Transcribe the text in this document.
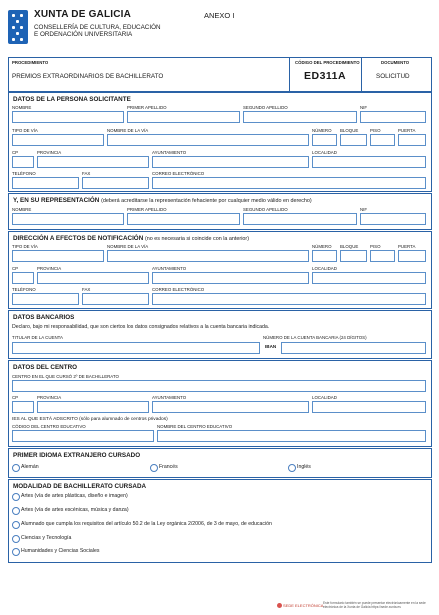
XUNTA DE GALICIA
CONSELLERÍA DE CULTURA, EDUCACIÓN
E ORDENACIÓN UNIVERSITARIA
ANEXO I
PROCEDIMIENTO
PREMIOS EXTRAORDINARIOS DE BACHILLERATO
CÓDIGO DEL PROCEDIMIENTO
ED311A
DOCUMENTO
SOLICITUD
DATOS DE LA PERSONA SOLICITANTE
NOMBRE	PRIMER APELLIDO	SEGUNDO APELLIDO	NIF
TIPO DE VÍA	NOMBRE DE LA VÍA	NÚMERO BLOQUE	PISO	PUERTA
CP	PROVINCIA	AYUNTAMIENTO	LOCALIDAD
TELÉFONO	FAX	CORREO ELECTRÓNICO
Y, EN SU REPRESENTACIÓN (deberá acreditarse la representación fehaciente por cualquier medio válido en derecho)
NOMBRE	PRIMER APELLIDO	SEGUNDO APELLIDO	NIF
DIRECCIÓN A EFECTOS DE NOTIFICACIÓN (no es necesaria si coincide con la anterior)
TIPO DE VÍA	NOMBRE DE LA VÍA	NÚMERO BLOQUE	PISO	PUERTA
CP	PROVINCIA	AYUNTAMIENTO	LOCALIDAD
TELÉFONO	FAX	CORREO ELECTRÓNICO
DATOS BANCARIOS
Declaro, bajo mi responsabilidad, que son ciertos los datos consignados relativos a la cuenta bancaria indicada.
TITULAR DE LA CUENTA	NÚMERO DE LA CUENTA BANCARIA (24 DÍGITOS)
IBAN
DATOS DEL CENTRO
CENTRO EN EL QUE CURSÓ 2º DE BACHILLERATO
CP	PROVINCIA	AYUNTAMIENTO	LOCALIDAD
IES AL QUE ESTÁ ADSCRITO (sólo para alumnado de centros privados)
CÓDIGO DEL CENTRO EDUCATIVO	NOMBRE DEL CENTRO EDUCATIVO
PRIMER IDIOMA EXTRANJERO CURSADO
Alemán	Francés	Inglés
MODALIDAD DE BACHILLERATO CURSADA
Artes (vía de artes plásticas, diseño e imagen)
Artes (vía de artes escénicas, música y danza)
Alumnado que cumpla los requisitos del artículo 50.2 de la Ley orgánica 2/2006, de 3 de mayo, de educación
Ciencias y Tecnología
Humanidades y Ciencias Sociales
SEDE ELECTRÓNICA Este formulario también se puede presentar electrónicamente en la sede electrónica de la Xunta de Galicia https://sede.xunta.es
